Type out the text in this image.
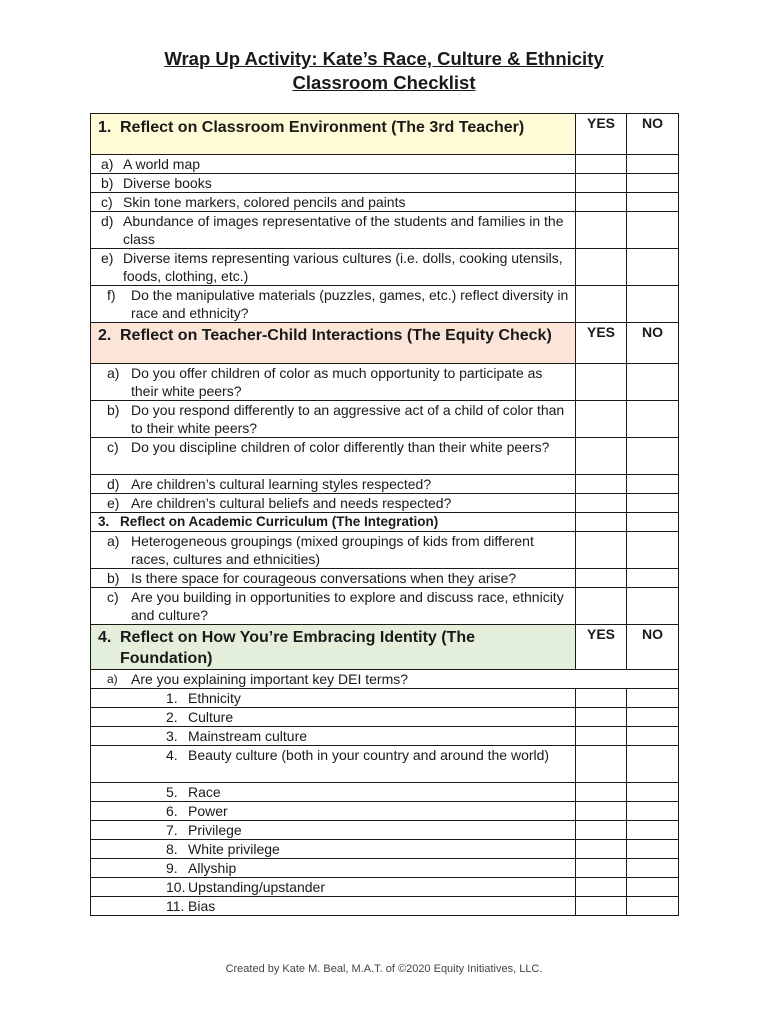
Wrap Up Activity: Kate’s Race, Culture & Ethnicity
Classroom Checklist
1. Reflect on Classroom Environment (The 3rd Teacher)	YES	NO

a) A world map		

b) Diverse books		

c) Skin tone markers, colored pencils and paints		

d) Abundance of images representative of the students and families in the class		

e) Diverse items representing various cultures (i.e. dolls, cooking utensils, foods, clothing, etc.)		

f) Do the manipulative materials (puzzles, games, etc.) reflect diversity in race and ethnicity?		

2. Reflect on Teacher-Child Interactions (The Equity Check)	YES	NO

a) Do you offer children of color as much opportunity to participate as their white peers?		

b) Do you respond differently to an aggressive act of a child of color than to their white peers?		

c) Do you discipline children of color differently than their white peers?		

d) Are children’s cultural learning styles respected?		

e) Are children’s cultural beliefs and needs respected?		

3. Reflect on Academic Curriculum (The Integration)		

a) Heterogeneous groupings (mixed groupings of kids from different races, cultures and ethnicities)		

b) Is there space for courageous conversations when they arise?		

c) Are you building in opportunities to explore and discuss race, ethnicity and culture?		

4. Reflect on How You’re Embracing Identity (The Foundation)	YES	NO

a) Are you explaining important key DEI terms?		

1. Ethnicity		

2. Culture		

3. Mainstream culture		

4. Beauty culture (both in your country and around the world)		

5. Race		

6. Power		

7. Privilege		

8. White privilege		

9. Allyship		

10. Upstanding/upstander		

11. Bias		

Created by Kate M. Beal, M.A.T. of ©2020 Equity Initiatives, LLC.
